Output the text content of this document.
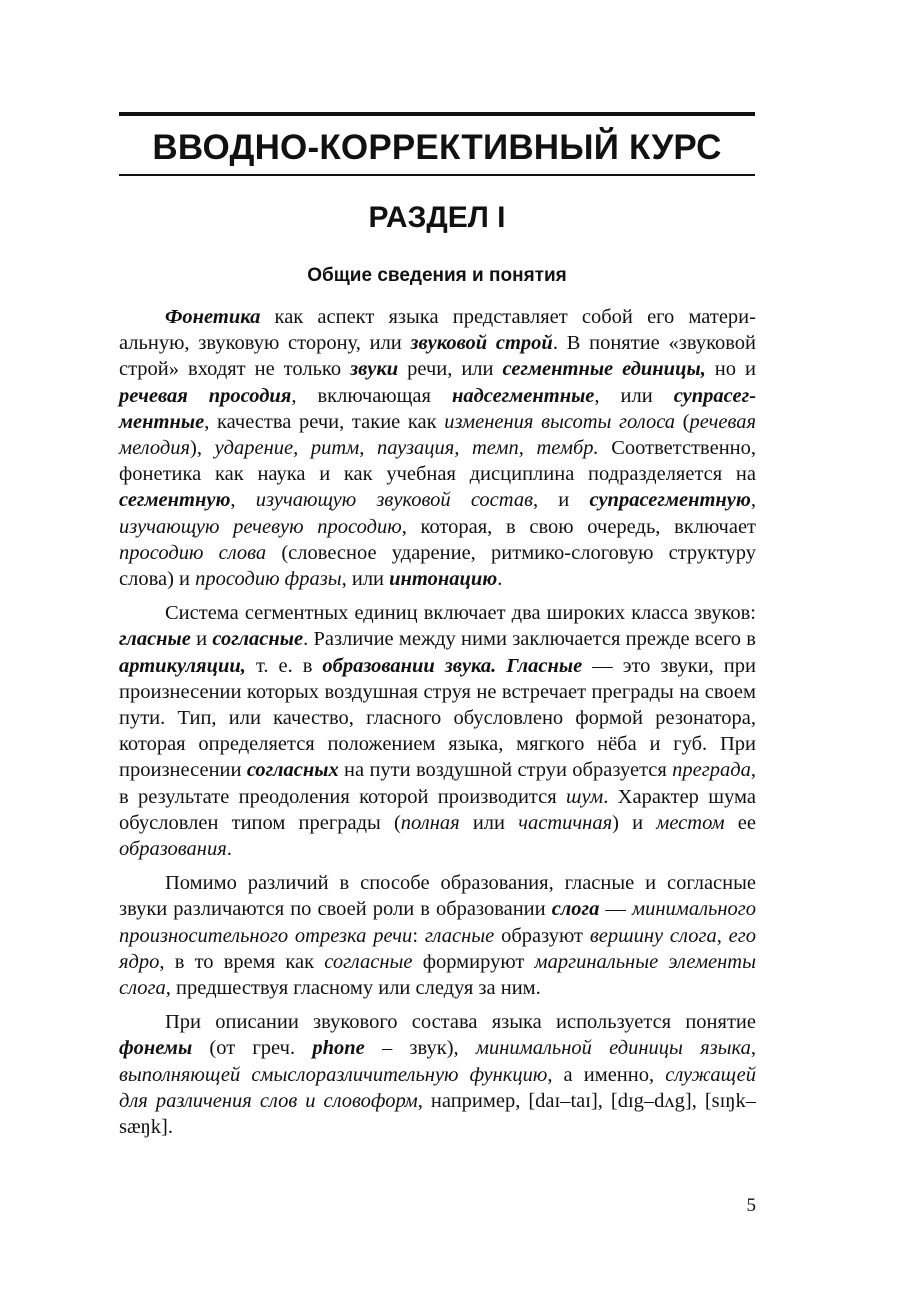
ВВОДНО-КОРРЕКТИВНЫЙ КУРС
РАЗДЕЛ I
Общие сведения и понятия

Фонетика как аспект языка представляет собой его материальную, звуковую сторону, или звуковой строй. В понятие «звуковой строй» входят не только звуки речи, или сегментные единицы, но и речевая просодия, включающая надсегментные, или супрасегментные, качества речи, такие как изменения высоты голоса (речевая мелодия), ударение, ритм, паузация, темп, тембр. Соответственно, фонетика как наука и как учебная дисциплина подразделяется на сегментную, изучающую звуковой состав, и супрасегментную, изучающую речевую просодию, которая, в свою очередь, включает просодию слова (словесное ударение, ритмико-слоговую структуру слова) и просодию фразы, или интонацию.

Система сегментных единиц включает два широких класса звуков: гласные и согласные. Различие между ними заключается прежде всего в артикуляции, т. е. в образовании звука. Гласные — это звуки, при произнесении которых воздушная струя не встречает преграды на своем пути. Тип, или качество, гласного обусловлено формой резонатора, которая определяется положением языка, мягкого нёба и губ. При произнесении согласных на пути воздушной струи образуется преграда, в результате преодоления которой производится шум. Характер шума обусловлен типом преграды (полная или частичная) и местом ее образования.

Помимо различий в способе образования, гласные и согласные звуки различаются по своей роли в образовании слога — минимального произносительного отрезка речи: гласные образуют вершину слога, его ядро, в то время как согласные формируют маргинальные элементы слога, предшествуя гласному или следуя за ним.

При описании звукового состава языка используется понятие фонемы (от греч. phone – звук), минимальной единицы языка, выполняющей смыслоразличительную функцию, а именно, служащей для различения слов и словоформ, например, [daɪ–taɪ], [dɪg–dʌg], [sɪŋk–sæŋk].

5
